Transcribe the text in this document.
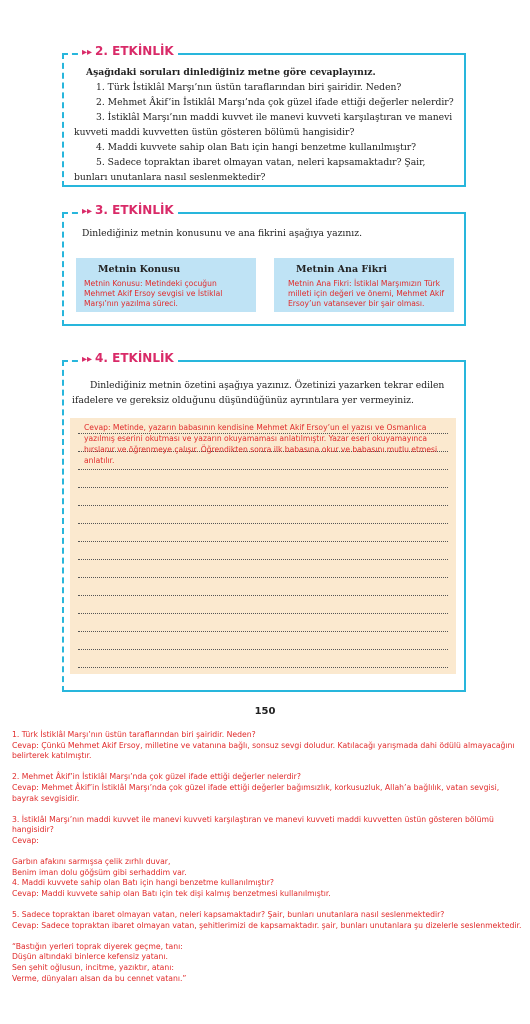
▸▸ 2. ETKİNLİK
Aşağıdaki soruları dinlediğiniz metne göre cevaplayınız.
1. Türk İstiklâl Marşı’nın üstün taraflarından biri şairidir. Neden?
2. Mehmet Âkif’in İstiklâl Marşı’nda çok güzel ifade ettiği değerler nelerdir?
3. İstiklâl Marşı’nın maddi kuvvet ile manevi kuvveti karşılaştıran ve manevi kuvveti maddi kuvvetten üstün gösteren bölümü hangisidir?
4. Maddi kuvvete sahip olan Batı için hangi benzetme kullanılmıştır?
5. Sadece topraktan ibaret olmayan vatan, neleri kapsamaktadır? Şair, bunları unutanlara nasıl seslenmektedir?
▸▸ 3. ETKİNLİK
Dinlediğiniz metnin konusunu ve ana fikrini aşağıya yazınız.
Metnin Konusu
Metnin Konusu: Metindeki çocuğun Mehmet Akif Ersoy sevgisi ve İstiklal Marşı’nın yazılma süreci.
Metnin Ana Fikri
Metnin Ana Fikri: İstiklal Marşımızın Türk milleti için değeri ve önemi, Mehmet Akif Ersoy’un vatansever bir şair olması.
▸▸ 4. ETKİNLİK
Dinlediğiniz metnin özetini aşağıya yazınız. Özetinizi yazarken tekrar edilen ifadelere ve gereksiz olduğunu düşündüğünüz ayrıntılara yer vermeyiniz.
Cevap: Metinde, yazarın babasının kendisine Mehmet Akif Ersoy’un el yazısı ve Osmanlıca yazılmış eserini okutması ve yazarın okuyamaması anlatılmıştır. Yazar eseri okuyamayınca hırslanır ve öğrenmeye çalışır. Öğrendikten sonra ilk babasına okur ve babasını mutlu etmesi anlatılır.
150
1. Türk İstiklâl Marşı’nın üstün taraflarından biri şairidir. Neden?
Cevap: Çünkü Mehmet Akif Ersoy, milletine ve vatanına bağlı, sonsuz sevgi doludur. Katılacağı yarışmada dahi ödülü almayacağını belirterek katılmıştır.
2. Mehmet Âkif’in İstiklâl Marşı’nda çok güzel ifade ettiği değerler nelerdir?
Cevap: Mehmet Âkif’in İstiklâl Marşı’nda çok güzel ifade ettiği değerler bağımsızlık, korkusuzluk, Allah’a bağlılık, vatan sevgisi, bayrak sevgisidir.
3. İstiklâl Marşı’nın maddi kuvvet ile manevi kuvveti karşılaştıran ve manevi kuvveti maddi kuvvetten üstün gösteren bölümü hangisidir?
Cevap:
Garbın afakını sarmışsa çelik zırhlı duvar,
Benim iman dolu göğsüm gibi serhaddim var.
4. Maddi kuvvete sahip olan Batı için hangi benzetme kullanılmıştır?
Cevap: Maddi kuvvete sahip olan Batı için tek dişi kalmış benzetmesi kullanılmıştır.
5. Sadece topraktan ibaret olmayan vatan, neleri kapsamaktadır? Şair, bunları unutanlara nasıl seslenmektedir?
Cevap: Sadece topraktan ibaret olmayan vatan, şehitlerimizi de kapsamaktadır. şair, bunları unutanlara şu dizelerle seslenmektedir.
“Bastığın yerleri toprak diyerek geçme, tanı:
Düşün altındaki binlerce kefensiz yatanı.
Sen şehit oğlusun, incitme, yazıktır, atanı:
Verme, dünyaları alsan da bu cennet vatanı.”
